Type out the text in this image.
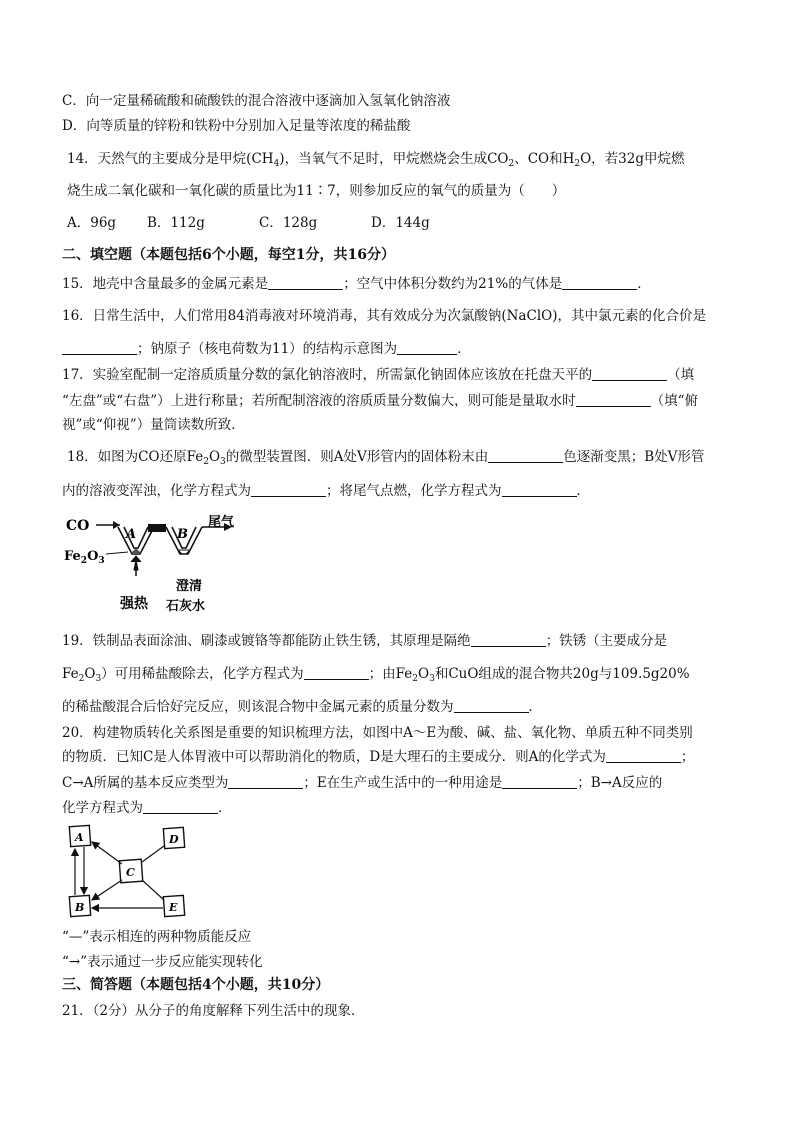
C．向一定量稀硫酸和硫酸铁的混合溶液中逐滴加入氢氧化钠溶液
D．向等质量的锌粉和铁粉中分别加入足量等浓度的稀盐酸
14．天然气的主要成分是甲烷$(CH_4)$，当氧气不足时，甲烷燃烧会生成$CO_2$、CO和$H_2O$，若32g甲烷燃
烧生成二氧化碳和一氧化碳的质量比为11∶7，则参加反应的氧气的质量为（　　）
A．96g B．112g	C．128g	D．144g
二、填空题（本题包括6个小题，每空1分，共16分）
15．地壳中含量最多的金属元素是	；空气中体积分数约为21%的气体是	．
16．日常生活中，人们常用84消毒液对环境消毒，其有效成分为次氯酸钠(NaClO)，其中氯元素的化合价是
；钠原子（核电荷数为11）的结构示意图为	．
17．实验室配制一定溶质质量分数的氯化钠溶液时，所需氯化钠固体应该放在托盘天平的	（填
“左盘”或“右盘”）上进行称量；若所配制溶液的溶质质量分数偏大，则可能是量取水时	（填“俯
视”或“仰视”）量筒读数所致．
18．如图为CO还原$Fe_2O_3$的微型装置图．则A处V形管内的固体粉末由	色逐渐变黑；B处V形管
内的溶液变浑浊，化学方程式为	；将尾气点燃，化学方程式为	．
CO
A	B
尾气
$Fe_2O_3$
强热
澄清
石灰水
19．铁制品表面涂油、刷漆或镀铬等都能防止铁生锈，其原理是隔绝	；铁锈（主要成分是
$Fe_2O_3$）可用稀盐酸除去，化学方程式为	；由$Fe_2O_3$和CuO组成的混合物共20g与109.5g20%
的稀盐酸混合后恰好完反应，则该混合物中金属元素的质量分数为	．
20．构建物质转化关系图是重要的知识梳理方法，如图中A～E为酸、碱、盐、氧化物、单质五种不同类别
的物质．已知C是人体胃液中可以帮助消化的物质，D是大理石的主要成分．则A的化学式为	；
C→A所属的基本反应类型为	；E在生产或生活中的一种用途是	；B→A反应的
化学方程式为	．
A	D
C
B	E
“—”表示相连的两种物质能反应
“→”表示通过一步反应能实现转化
三、简答题（本题包括4个小题，共10分）
21．（2分）从分子的角度解释下列生活中的现象．
